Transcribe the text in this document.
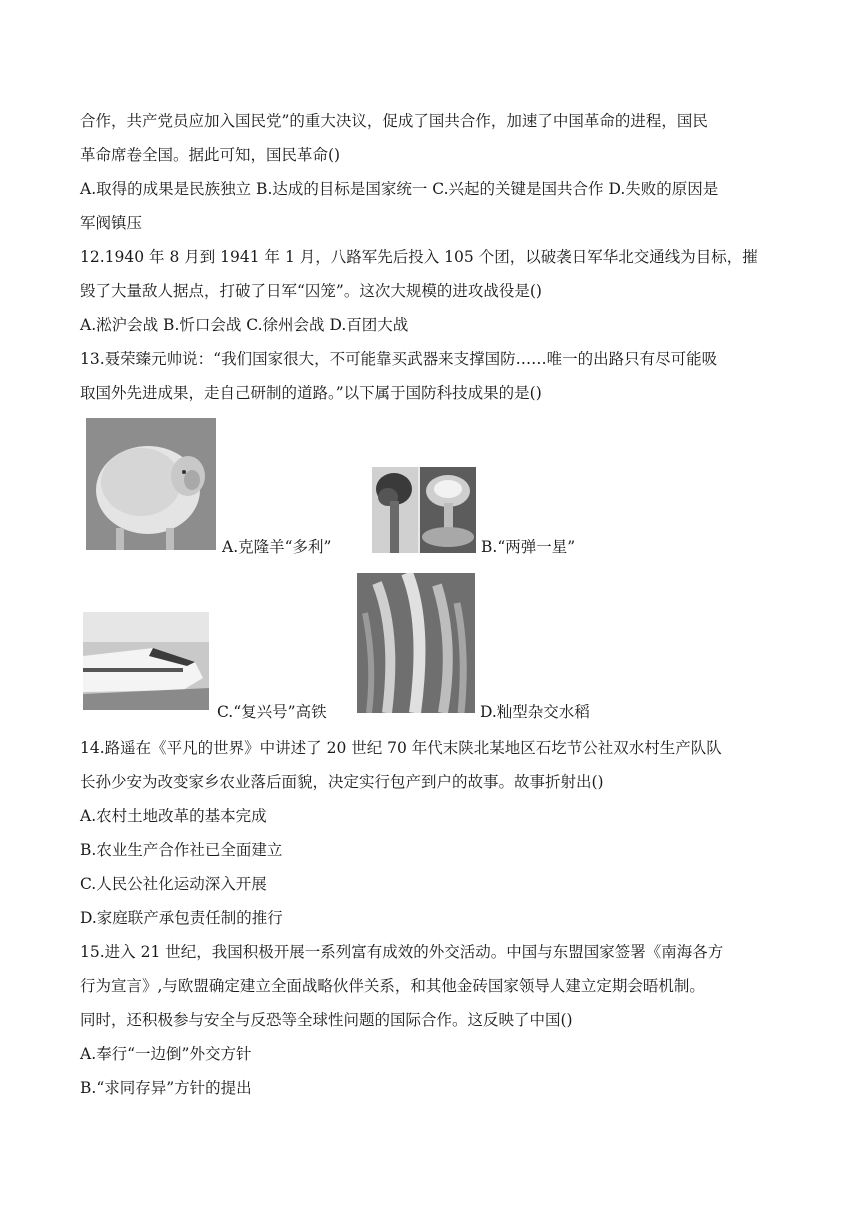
合作，共产党员应加入国民党”的重大决议，促成了国共合作，加速了中国革命的进程，国民
革命席卷全国。据此可知，国民革命()
A.取得的成果是民族独立 B.达成的目标是国家统一 C.兴起的关键是国共合作 D.失败的原因是
军阀镇压
12.1940 年 8 月到 1941 年 1 月，八路军先后投入 105 个团，以破袭日军华北交通线为目标，摧
毁了大量敌人据点，打破了日军“囚笼”。这次大规模的进攻战役是()
A.淞沪会战 B.忻口会战 C.徐州会战 D.百团大战
13.聂荣臻元帅说：“我们国家很大，不可能靠买武器来支撑国防……唯一的出路只有尽可能吸
取国外先进成果，走自己研制的道路。”以下属于国防科技成果的是()
A.克隆羊“多利”	B.“两弹一星”
C.“复兴号”高铁	D.籼型杂交水稻
14.路遥在《平凡的世界》中讲述了 20 世纪 70 年代末陕北某地区石圪节公社双水村生产队队
长孙少安为改变家乡农业落后面貌，决定实行包产到户的故事。故事折射出()
A.农村土地改革的基本完成
B.农业生产合作社已全面建立
C.人民公社化运动深入开展
D.家庭联产承包责任制的推行
15.进入 21 世纪，我国积极开展一系列富有成效的外交活动。中国与东盟国家签署《南海各方
行为宣言》,与欧盟确定建立全面战略伙伴关系，和其他金砖国家领导人建立定期会晤机制。
同时，还积极参与安全与反恐等全球性问题的国际合作。这反映了中国()
A.奉行“一边倒”外交方针
B.“求同存异”方针的提出
